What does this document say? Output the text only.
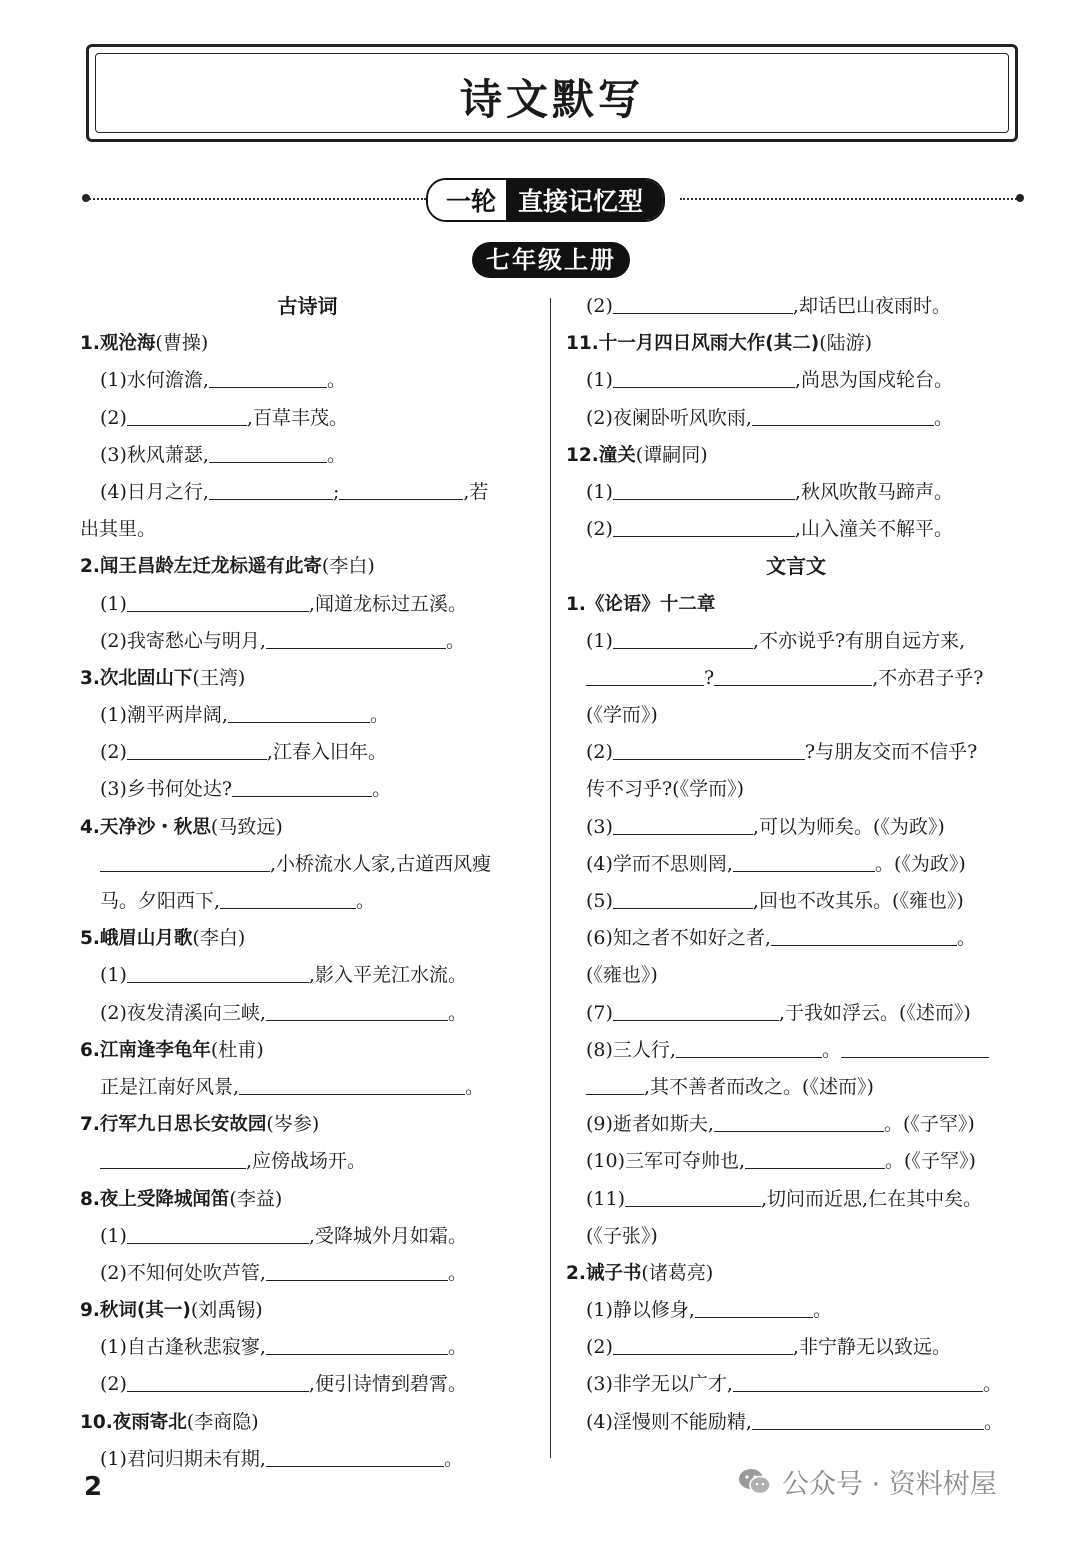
诗文默写
一轮 直接记忆型
七年级上册
古诗词
1.观沧海(曹操)
(1)水何澹澹,	。
(2)	,百草丰茂。
(3)秋风萧瑟,	。
(4)日月之行,	;	,若
出其里。
2.闻王昌龄左迁龙标遥有此寄(李白)
(1)	,闻道龙标过五溪。
(2)我寄愁心与明月,	。
3.次北固山下(王湾)
(1)潮平两岸阔,	。
(2)	,江春入旧年。
(3)乡书何处达?	。
4.天净沙・秋思(马致远)
,小桥流水人家,古道西风瘦
马。夕阳西下,	。
5.峨眉山月歌(李白)
(1)	,影入平羌江水流。
(2)夜发清溪向三峡,	。
6.江南逢李龟年(杜甫)
正是江南好风景,	。
7.行军九日思长安故园(岑参)
,应傍战场开。
8.夜上受降城闻笛(李益)
(1)	,受降城外月如霜。
(2)不知何处吹芦管,	。
9.秋词(其一)(刘禹锡)
(1)自古逢秋悲寂寥,	。
(2)	,便引诗情到碧霄。
10.夜雨寄北(李商隐)
(1)君问归期未有期,	。
(2)	,却话巴山夜雨时。
11.十一月四日风雨大作(其二)(陆游)
(1)	,尚思为国戍轮台。
(2)夜阑卧听风吹雨,	。
12.潼关(谭嗣同)
(1)	,秋风吹散马蹄声。
(2)	,山入潼关不解平。
文言文
1.《论语》十二章
(1)	,不亦说乎?有朋自远方来,
?	,不亦君子乎?
(《学而》)
(2)	?与朋友交而不信乎?
传不习乎?(《学而》)
(3)	,可以为师矣。(《为政》)
(4)学而不思则罔,	。(《为政》)
(5)	,回也不改其乐。(《雍也》)
(6)知之者不如好之者,	。
(《雍也》)
(7)	,于我如浮云。(《述而》)
(8)三人行,	。
,其不善者而改之。(《述而》)
(9)逝者如斯夫,	。(《子罕》)
(10)三军可夺帅也,	。(《子罕》)
(11)	,切问而近思,仁在其中矣。
(《子张》)
2.诫子书(诸葛亮)
(1)静以修身,	。
(2)	,非宁静无以致远。
(3)非学无以广才,	。
(4)淫慢则不能励精,	。
2	公众号 · 资料树屋
